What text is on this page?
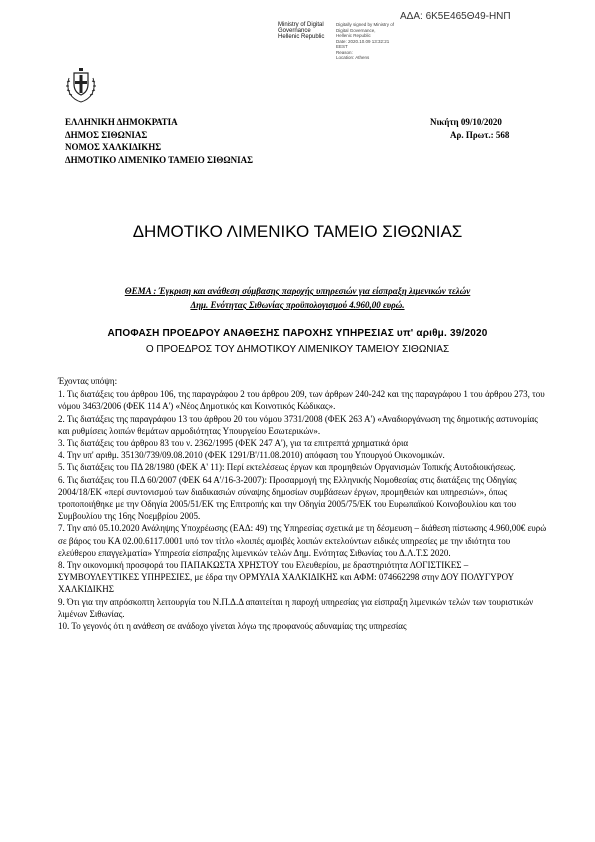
ΑΔΑ: 6Κ5Ε465Θ49-ΗΝΠ
Ministry of Digital
Governance
Hellenic Republic
Digitally signed by Ministry of
Digital Governance,
Hellenic Republic
Date: 2020.10.09 13:32:21
EEST
Reason:
Location: Athens
ΕΛΛΗΝΙΚΗ ΔΗΜΟΚΡΑΤΙΑ
ΔΗΜΟΣ ΣΙΘΩΝΙΑΣ
ΝΟΜΟΣ ΧΑΛΚΙΔΙΚΗΣ
ΔΗΜΟΤΙΚΟ ΛΙΜΕΝΙΚΟ ΤΑΜΕΙΟ ΣΙΘΩΝΙΑΣ
Νικήτη 09/10/2020
Αρ. Πρωτ.: 568
ΔΗΜΟΤΙΚΟ ΛΙΜΕΝΙΚΟ ΤΑΜΕΙΟ ΣΙΘΩΝΙΑΣ
ΘΕΜΑ : Έγκριση και ανάθεση σύμβασης παροχής υπηρεσιών για είσπραξη λιμενικών τελών
Δημ. Ενότητας Σιθωνίας προϋπολογισμού 4.960,00 ευρώ.
ΑΠΟΦΑΣΗ ΠΡΟΕΔΡΟΥ ΑΝΑΘΕΣΗΣ ΠΑΡΟΧΗΣ ΥΠΗΡΕΣΙΑΣ υπ' αριθμ. 39/2020
Ο ΠΡΟΕΔΡΟΣ ΤΟΥ ΔΗΜΟΤΙΚΟΥ ΛΙΜΕΝΙΚΟΥ ΤΑΜΕΙΟΥ ΣΙΘΩΝΙΑΣ

Έχοντας υπόψη:

1. Τις διατάξεις του άρθρου 106, της παραγράφου 2 του άρθρου 209, των άρθρων 240-242 και της παραγράφου 1 του άρθρου 273, του νόμου 3463/2006 (ΦΕΚ 114 Α') «Νέος Δημοτικός και Κοινοτικός Κώδικας».

2. Τις διατάξεις της παραγράφου 13 του άρθρου 20 του νόμου 3731/2008 (ΦΕΚ 263 Α') «Αναδιοργάνωση της δημοτικής αστυνομίας και ρυθμίσεις λοιπών θεμάτων αρμοδιότητας Υπουργείου Εσωτερικών».

3. Τις διατάξεις του άρθρου 83 του ν. 2362/1995 (ΦΕΚ 247 Α'), για τα επιτρεπτά χρηματικά όρια

4. Την υπ' αριθμ. 35130/739/09.08.2010 (ΦΕΚ 1291/Β'/11.08.2010) απόφαση του Υπουργού Οικονομικών.

5. Τις διατάξεις του ΠΔ 28/1980 (ΦΕΚ Α' 11): Περί εκτελέσεως έργων και προμηθειών Οργανισμών Τοπικής Αυτοδιοικήσεως.

6. Τις διατάξεις του Π.Δ 60/2007 (ΦΕΚ 64 Α'/16-3-2007): Προσαρμογή της Ελληνικής Νομοθεσίας στις διατάξεις της Οδηγίας 2004/18/ΕΚ «περί συντονισμού των διαδικασιών σύναψης δημοσίων συμβάσεων έργων, προμηθειών και υπηρεσιών», όπως τροποποιήθηκε με την Οδηγία 2005/51/ΕΚ της Επιτροπής και την Οδηγία 2005/75/ΕΚ του Ευρωπαϊκού Κοινοβουλίου και του Συμβουλίου της 16ης Νοεμβρίου 2005.

7. Την από 05.10.2020 Ανάληψης Υποχρέωσης (ΕΑΔ: 49) της Υπηρεσίας σχετικά με τη δέσμευση – διάθεση πίστωσης 4.960,00€ ευρώ σε βάρος του ΚΑ 02.00.6117.0001 υπό τον τίτλο «λοιπές αμοιβές λοιπών εκτελούντων ειδικές υπηρεσίες με την ιδιότητα του ελεύθερου επαγγελματία» Υπηρεσία είσπραξης λιμενικών τελών Δημ. Ενότητας Σιθωνίας του Δ.Λ.Τ.Σ 2020.

8. Την οικονομική προσφορά του ΠΑΠΑΚΩΣΤΑ ΧΡΗΣΤΟΥ του Ελευθερίου, με δραστηριότητα ΛΟΓΙΣΤΙΚΕΣ – ΣΥΜΒΟΥΛΕΥΤΙΚΕΣ ΥΠΗΡΕΣΙΕΣ, με έδρα την ΟΡΜΥΛΙΑ ΧΑΛΚΙΔΙΚΗΣ και ΑΦΜ: 074662298 στην ΔΟΥ ΠΟΛΥΓΥΡΟΥ ΧΑΛΚΙΔΙΚΗΣ

9. Ότι για την απρόσκοπτη λειτουργία του Ν.Π.Δ.Δ απαιτείται η παροχή υπηρεσίας για είσπραξη λιμενικών τελών των τουριστικών λιμένων Σιθωνίας.

10. Το γεγονός ότι η ανάθεση σε ανάδοχο γίνεται λόγω της προφανούς αδυναμίας της υπηρεσίας
